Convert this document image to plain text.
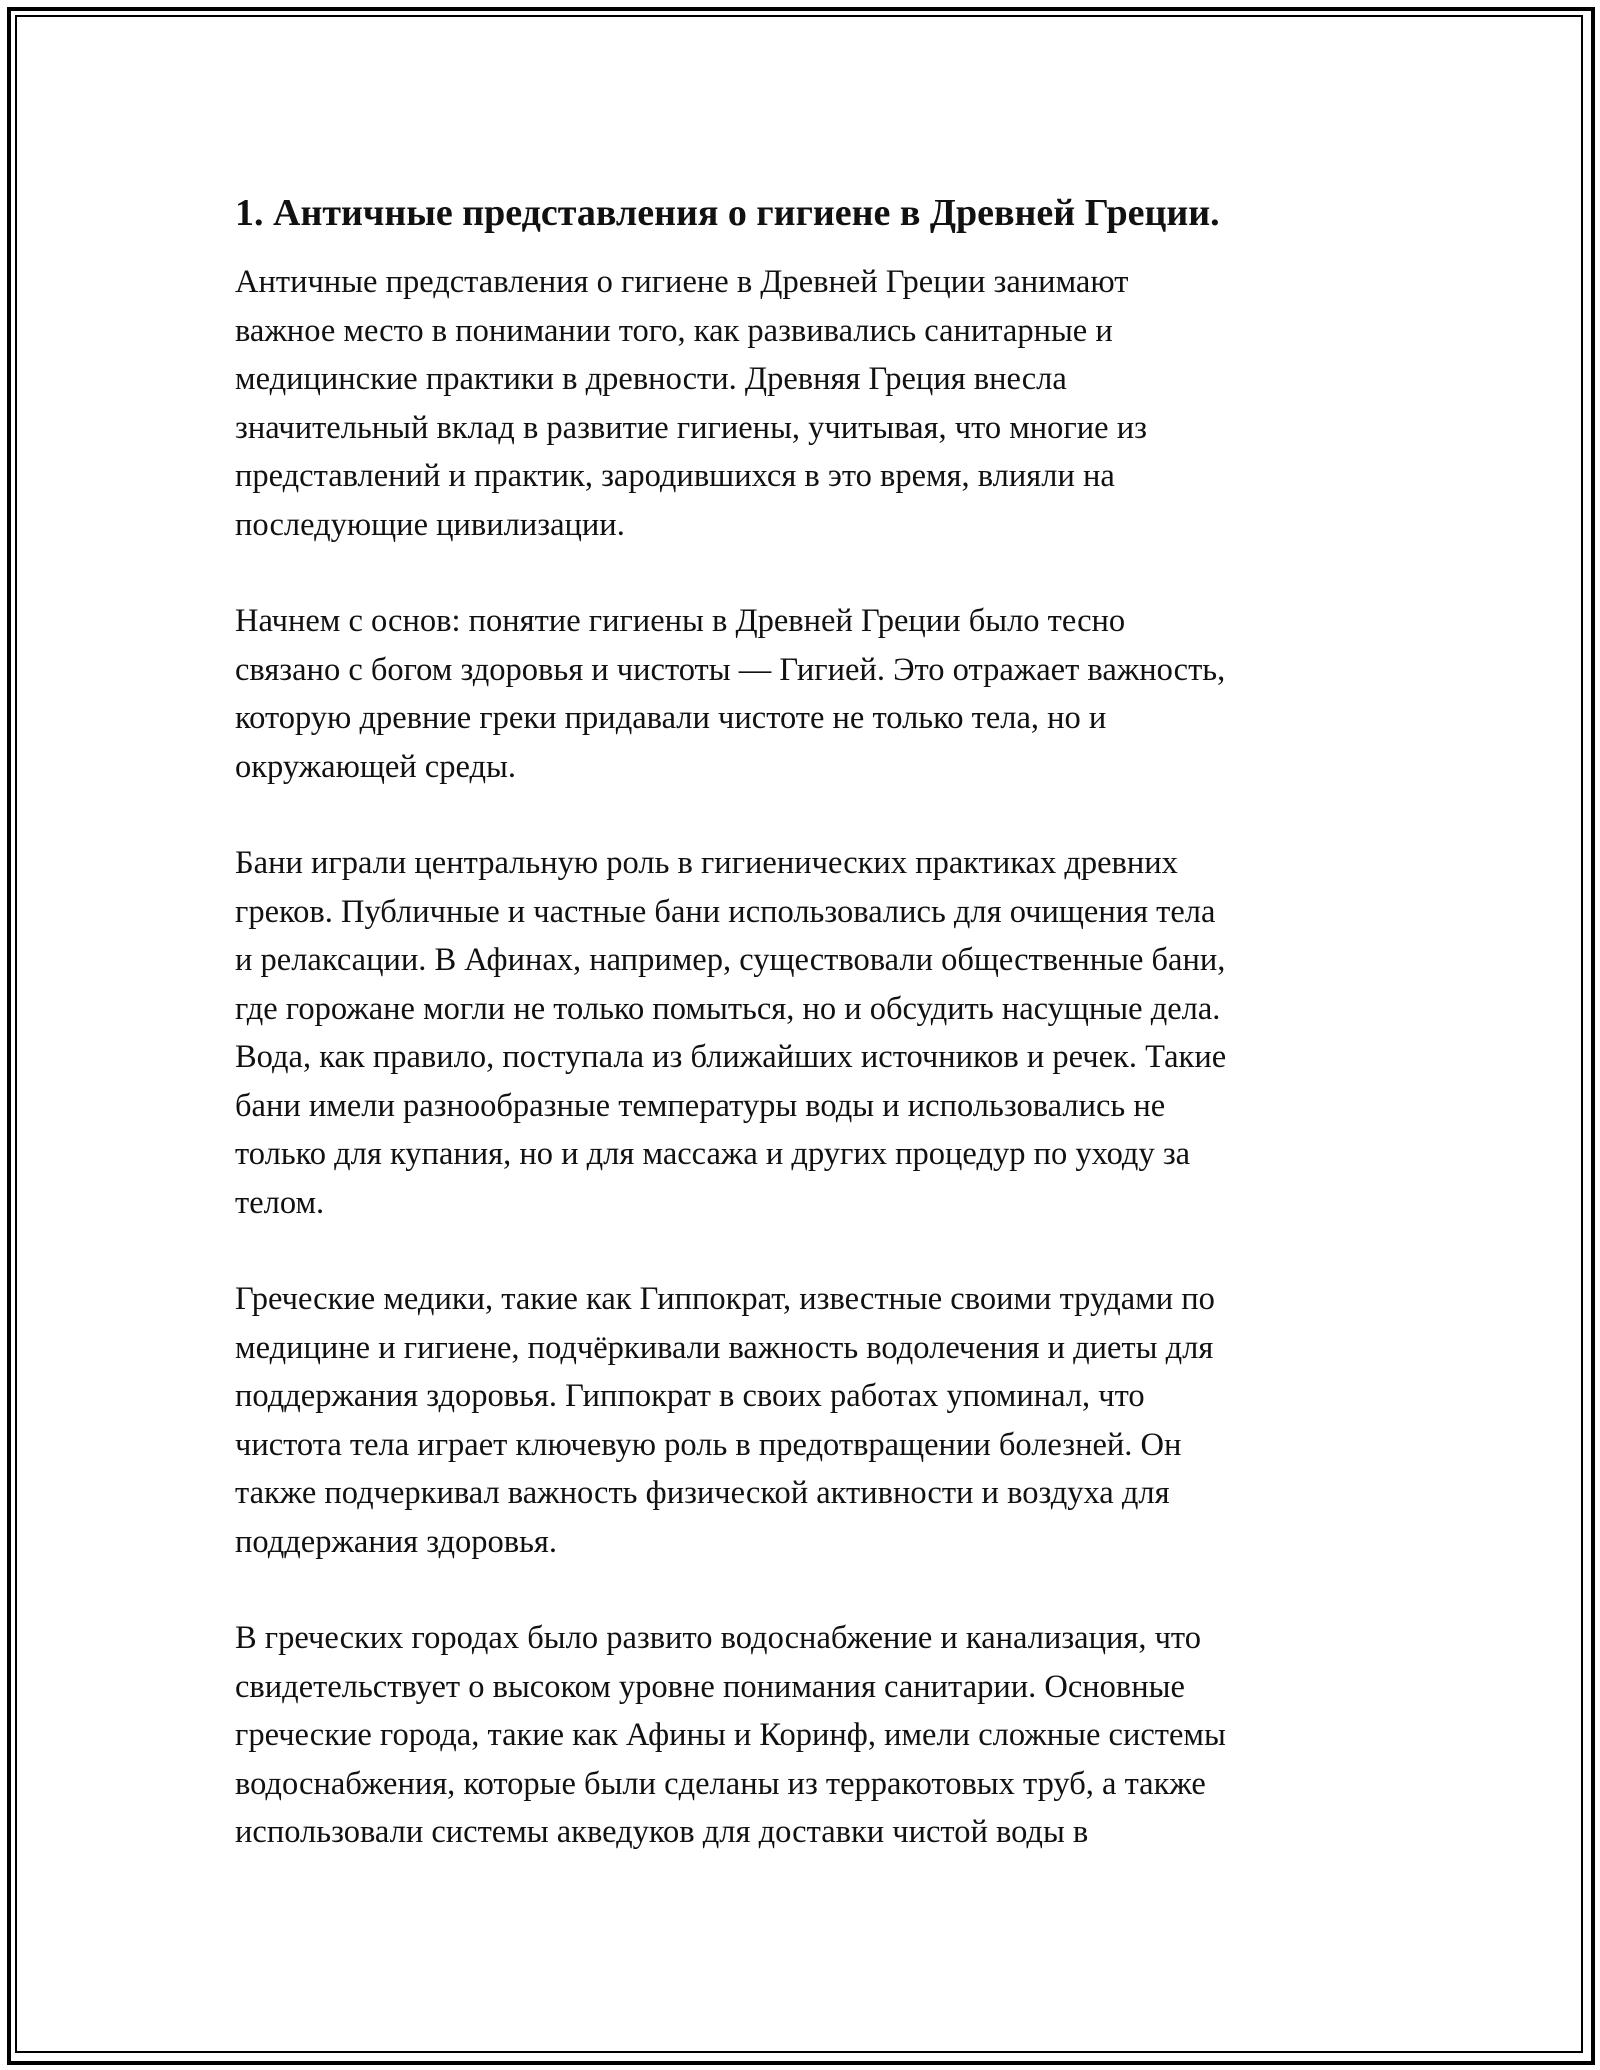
1. Античные представления о гигиене в Древней Греции.

Античные представления о гигиене в Древней Греции занимают
важное место в понимании того, как развивались санитарные и
медицинские практики в древности. Древняя Греция внесла
значительный вклад в развитие гигиены, учитывая, что многие из
представлений и практик, зародившихся в это время, влияли на
последующие цивилизации.

Начнем с основ: понятие гигиены в Древней Греции было тесно
связано с богом здоровья и чистоты — Гигией. Это отражает важность,
которую древние греки придавали чистоте не только тела, но и
окружающей среды.

Бани играли центральную роль в гигиенических практиках древних
греков. Публичные и частные бани использовались для очищения тела
и релаксации. В Афинах, например, существовали общественные бани,
где горожане могли не только помыться, но и обсудить насущные дела.
Вода, как правило, поступала из ближайших источников и речек. Такие
бани имели разнообразные температуры воды и использовались не
только для купания, но и для массажа и других процедур по уходу за
телом.

Греческие медики, такие как Гиппократ, известные своими трудами по
медицине и гигиене, подчёркивали важность водолечения и диеты для
поддержания здоровья. Гиппократ в своих работах упоминал, что
чистота тела играет ключевую роль в предотвращении болезней. Он
также подчеркивал важность физической активности и воздуха для
поддержания здоровья.

В греческих городах было развито водоснабжение и канализация, что
свидетельствует о высоком уровне понимания санитарии. Основные
греческие города, такие как Афины и Коринф, имели сложные системы
водоснабжения, которые были сделаны из терракотовых труб, а также
использовали системы акведуков для доставки чистой воды в
